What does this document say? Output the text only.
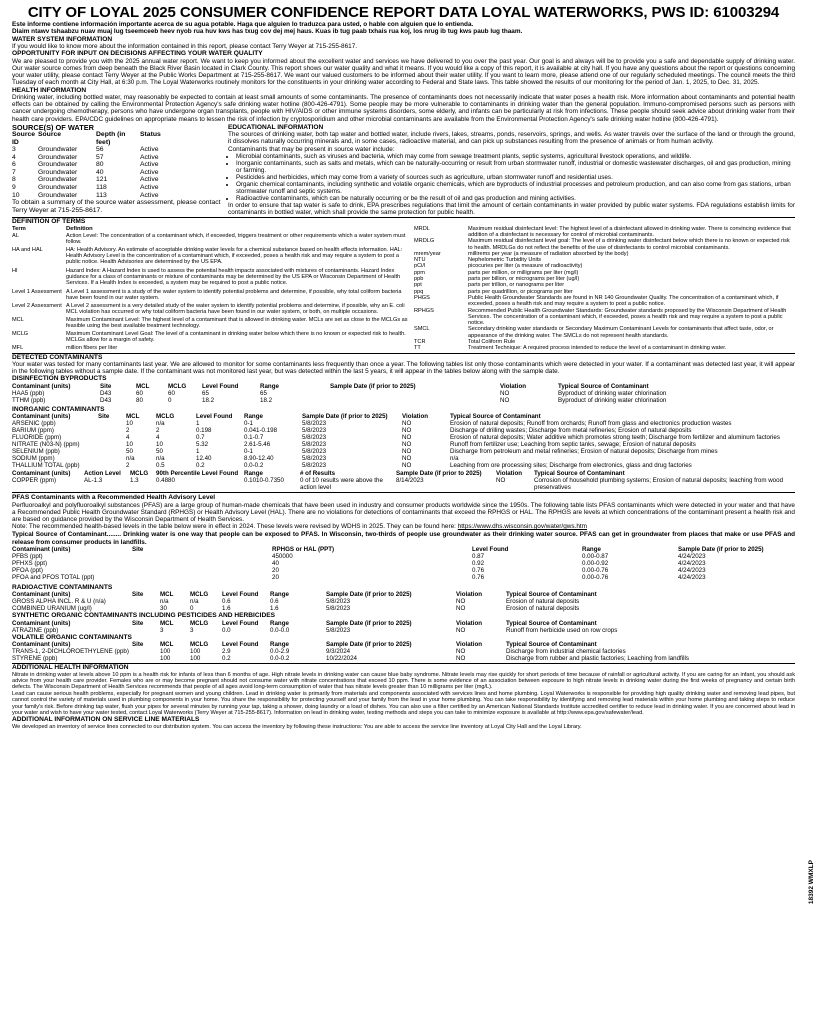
CITY OF LOYAL 2025 CONSUMER CONFIDENCE REPORT DATA LOYAL WATERWORKS, PWS ID: 61003294
Este informe contiene información importante acerca de su agua potable. Haga que alguien lo traduzca para usted, o hable con alguien que lo entienda.
Dlaim ntawv tshaabzu nuav muaj lug tseemceeb heev nyob rua huv kws has txug cov dej mej haus. Kuas ib tug paab txhais rua koj, los nrug ib tug kws paub lug thaam.
WATER SYSTEM INFORMATION
If you would like to know more about the information contained in this report, please contact Terry Weyer at 715-255-8617.
OPPORTUNITY FOR INPUT ON DECISIONS AFFECTING YOUR WATER QUALITY
We are pleased to provide you with the 2025 annual water report. We want to keep you informed about the excellent water and services we have delivered to you over the past year. Our goal is and always will be to provide you a safe and dependable supply of drinking water. Our water source comes from deep beneath the Black River Basin located in Clark County. This report shows our water quality and what it means. If you would like a copy of this report, it is available at city hall. If you have any questions about the report or questions concerning your water utility, please contact Terry Weyer at the Public Works Department at 715-255-8617. We want our valued customers to be informed about their water utility. If you want to learn more, please attend one of our regularly scheduled meetings. The council meets the third Tuesday of each month at City Hall, at 6:30 p.m. The Loyal Waterworks routinely monitors for the constituents in your drinking water according to Federal and State laws. This table showed the results of our monitoring for the period of Jan. 1, 2025, to Dec. 31, 2025.
HEALTH INFORMATION
Drinking water, including bottled water, may reasonably be expected to contain at least small amounts of some contaminants. The presence of contaminants does not necessarily indicate that water poses a health risk. More information about contaminants and potential health effects can be obtained by calling the Environmental Protection Agency's safe drinking water hotline (800-426-4791). Some people may be more vulnerable to contaminants in drinking water than the general population. Immuno-compromised persons such as persons with cancer undergoing chemotherapy, persons who have undergone organ transplants, people with HIV/AIDS or other immune systems disorders, some elderly, and infants can be particularly at risk from infections. These people should seek advice about drinking water from their health care providers. EPA/CDC guidelines on appropriate means to lessen the risk of infection by cryptosporidium and other microbial contaminants are available from the Environmental Protection Agency's safe drinking water hotline (800-426-4791).
SOURCE(S) OF WATER
Source ID	Source	Depth (in feet)	Status
3	Groundwater	56	Active
4	Groundwater	57	Active
6	Groundwater	80	Active
7	Groundwater	40	Active
8	Groundwater	121	Active
9	Groundwater	118	Active
10	Groundwater	113	Active
To obtain a summary of the source water assessment, please contact Terry Weyer at 715-255-8617.
EDUCATIONAL INFORMATION
The sources of drinking water, both tap water and bottled water, include rivers, lakes, streams, ponds, reservoirs, springs, and wells. As water travels over the surface of the land or through the ground, it dissolves naturally occurring minerals and, in some cases, radioactive material, and can pick up substances resulting from the presence of animals or from human activity.
Contaminants that may be present in source water include:
• Microbial contaminants, such as viruses and bacteria, which may come from sewage treatment plants, septic systems, agricultural livestock operations, and wildlife.
• Inorganic contaminants, such as salts and metals, which can be naturally-occurring or result from urban stormwater runoff, industrial or domestic wastewater discharges, oil and gas production, mining or farming.
• Pesticides and herbicides, which may come from a variety of sources such as agriculture, urban stormwater runoff and residential uses.
• Organic chemical contaminants, including synthetic and volatile organic chemicals, which are byproducts of industrial processes and petroleum production, and can also come from gas stations, urban stormwater runoff and septic systems.
• Radioactive contaminants, which can be naturally occurring or be the result of oil and gas production and mining activities.
In order to ensure that tap water is safe to drink, EPA prescribes regulations that limit the amount of certain contaminants in water provided by public water systems. FDA regulations establish limits for contaminants in bottled water, which shall provide the same protection for public health.
DEFINITION OF TERMS
Term	Definition
AL	Action Level: The concentration of a contaminant which, if exceeded, triggers treatment or other requirements which a water system must follow.
HA and HAL	HA: Health Advisory. An estimate of acceptable drinking water levels for a chemical substance based on health effects information. HAL: Health Advisory Level is the concentration of a contaminant which, if exceeded, poses a health risk and may require a system to post a public notice. Health Advisories are determined by the US EPA.
HI	Hazard Index: A Hazard Index is used to assess the potential health impacts associated with mixtures of contaminants. Hazard Index guidance for a class of contaminants or mixture of contaminants may be determined by the US EPA or Wisconsin Department of Health Services. If a Health Index is exceeded, a system may be required to post a public notice.
Level 1 Assessment	A Level 1 assessment is a study of the water system to identify potential problems and determine, if possible, why total coliform bacteria have been found in our water system.
Level 2 Assessment	A Level 2 assessment is a very detailed study of the water system to identify potential problems and determine, if possible, why an E. coli MCL violation has occurred or why total coliform bacteria have been found in our water system, or both, on multiple occasions.
MCL	Maximum Contaminant Level: The highest level of a contaminant that is allowed in drinking water. MCLs are set as close to the MCLGs as feasible using the best available treatment technology.
MCLG	Maximum Contaminant Level Goal: The level of a contaminant in drinking water below which there is no known or expected risk to health. MCLGs allow for a margin of safety.
MFL	million fibers per liter
MRDL	Maximum residual disinfectant level: The highest level of a disinfectant allowed in drinking water. There is convincing evidence that addition of a disinfectant is necessary for control of microbial contaminants.
MRDLG	Maximum residual disinfectant level goal: The level of a drinking water disinfectant below which there is no known or expected risk to health. MRDLGs do not reflect the benefits of the use of disinfectants to control microbial contaminants.
mrem/year	millirems per year (a measure of radiation absorbed by the body)
NTU	Nephelometric Turbidity Units
pCi/l	picocuries per liter (a measure of radioactivity)
ppm	parts per million, or milligrams per liter (mg/l)
ppb	parts per billion, or micrograms per liter (ug/l)
ppt	parts per trillion, or nanograms per liter
ppq	parts per quadrillion, or picograms per liter
PHGS	Public Health Groundwater Standards are found in NR 140 Groundwater Quality. The concentration of a contaminant which, if exceeded, poses a health risk and may require a system to post a public notice.
RPHGS	Recommended Public Health Groundwater Standards: Groundwater standards proposed by the Wisconsin Department of Health Services. The concentration of a contaminant which, if exceeded, poses a health risk and may require a system to post a public notice.
SMCL	Secondary drinking water standards or Secondary Maximum Contaminant Levels for contaminants that affect taste, odor, or appearance of the drinking water. The SMCLs do not represent health standards.
TCR	Total Coliform Rule
TT	Treatment Technique: A required process intended to reduce the level of a contaminant in drinking water.
DETECTED CONTAMINANTS
Your water was tested for many contaminants last year. We are allowed to monitor for some contaminants less frequently than once a year. The following tables list only those contaminants which were detected in your water. If a contaminant was detected last year, it will appear in the following tables without a sample date. If the contaminant was not monitored last year, but was detected within the last 5 years, it will appear in the tables below along with the sample date.
DISINFECTION BYPRODUCTS
Contaminant (units)	Site	MCL	MCLG	Level Found	Range	Sample Date (if prior to 2025)	Violation	Typical Source of Contaminant
HAA5 (ppb)	D43	60	60	65	65		NO	Byproduct of drinking water chlorination
TTHM (ppb)	D43	80	0	18.2	18.2		NO	Byproduct of drinking water chlorination
INORGANIC CONTAMINANTS
Contaminant (units)	Site	MCL	MCLG	Level Found	Range	Sample Date (if prior to 2025)	Violation	Typical Source of Contaminant
ARSENIC (ppb)		10	n/a	1	0-1	5/8/2023	NO	Erosion of natural deposits; Runoff from orchards; Runoff from glass and electronics production wastes
BARIUM (ppm)		2	2	0.198	0.041-0.198	5/8/2023	NO	Discharge of drilling wastes; Discharge from metal refineries; Erosion of natural deposits
FLUORIDE (ppm)		4	4	0.7	0.1-0.7	5/8/2023	NO	Erosion of natural deposits; Water additive which promotes strong teeth; Discharge from fertilizer and aluminum factories
NITRATE (N03-N) (ppm)		10	10	5.32	2.61-5.46	5/8/2023	NO	Runoff from fertilizer use; Leaching from septic tanks, sewage; Erosion of natural deposits
SELENIUM (ppb)		50	50	1	0-1	5/8/2023	NO	Discharge from petroleum and metal refineries; Erosion of natural deposits; Discharge from mines
SODIUM (ppm)		n/a	n/a	12.40	8.90-12.40	5/8/2023	NO	n/a
THALLIUM TOTAL (ppb)		2	0.5	0.2	0.0-0.2	5/8/2023	NO	Leaching from ore processing sites; Discharge from electronics, glass and drug factories
Contaminant (units)	Action Level	MCLG	90th Percentile Level Found	Range	# of Results	Sample Date (if prior to 2025)	Violation	Typical Source of Contaminant
COPPER (ppm)	AL-1.3	1.3	0.4880	0.1010-0.7350	0 of 10 results were above the action level	8/14/2023	NO	Corrosion of household plumbing systems; Erosion of natural deposits; leaching from wood preservatives
PFAS Contaminants with a Recommended Health Advisory Level
Perfluoroalkyl and polyfluoroalkyl substances (PFAS) are a large group of human-made chemicals that have been used in industry and consumer products worldwide since the 1950s. The following table lists PFAS contaminants which were detected in your water and that have a Recommended Public Health Groundwater Standard (RPHGS) or Health Advisory Level (HAL). There are no violations for detections of contaminants that exceed the RPHGS or HAL. The RPHGS are levels at which concentrations of the contaminant present a health risk and are based on guidance provided by the Wisconsin Department of Health Services.
Note: The recommended health-based levels in the table below were in effect in 2024. These levels were revised by WDHS in 2025. They can be found here: https://www.dhs.wisconsin.gov/water/gws.htm
Typical Source of Contaminant........ Drinking water is one way that people can be exposed to PFAS. In Wisconsin, two-thirds of people use groundwater as their drinking water source. PFAS can get in groundwater from places that make or use PFAS and release from consumer products in landfills.
Contaminant (units)	Site	RPHGS or HAL (PPT)	Level Found	Range	Sample Date (if prior to 2025)
PFBS (ppt)		450000	0.87	0.00-0.87	4/24/2023
PFHXS (ppt)		40	0.92	0.00-0.92	4/24/2023
PFOA (ppt)		20	0.76	0.00-0.76	4/24/2023
PFOA and PFOS TOTAL (ppt)		20	0.76	0.00-0.76	4/24/2023
RADIOACTIVE CONTAMINANTS
Contaminant (units)	Site	MCL	MCLG	Level Found	Range	Sample Date (if prior to 2025)	Violation	Typical Source of Contaminant
GROSS ALPHA INCL. R & U (n/a)		n/a	n/a	0.6	0.6	5/8/2023	NO	Erosion of natural deposits
COMBINED URANIUM (ug/l)		30	0	1.6	1.6	5/8/2023	NO	Erosion of natural deposits
SYNTHETIC ORGANIC CONTAMINANTS INCLUDING PESTICIDES AND HERBICIDES
Contaminant (units)	Site	MCL	MCLG	Level Found	Range	Sample Date (if prior to 2025)	Violation	Typical Source of Contaminant
ATRAZINE (ppb)		3	3	0.0	0.0-0.0	5/8/2023	NO	Runoff from herbicide used on row crops
VOLATILE ORGANIC CONTAMINANTS
Contaminant (units)	Site	MCL	MCLG	Level Found	Range	Sample Date (if prior to 2025)	Violation	Typical Source of Contaminant
TRANS-1, 2-DICHLOROETHYLENE (ppb)		100	100	2.9	0.0-2.9	9/3/2024	NO	Discharge from industrial chemical factories
STYRENE (ppb)		100	100	0.2	0.0-0.2	10/22/2024	NO	Discharge from rubber and plastic factories; Leaching from landfills
ADDITIONAL HEALTH INFORMATION
Nitrate in drinking water at levels above 10 ppm is a health risk for infants of less than 6 months of age. High nitrate levels in drinking water can cause blue baby syndrome. Nitrate levels may rise quickly for short periods of time because of rainfall or agricultural activity. If you are caring for an infant, you should ask advice from your health care provider. Females who are or may become pregnant should not consume water with nitrate concentrations that exceed 10 ppm. There is some evidence of an association between exposure to high nitrate levels in drinking water during the first weeks of pregnancy and certain birth defects. The Wisconsin Department of Health Services recommends that people of all ages avoid long-term consumption of water that has nitrate levels greater than 10 milligrams per liter (mg/L).
Lead can cause serious health problems, especially for pregnant women and young children. Lead in drinking water is primarily from materials and components associated with services lines and home plumbing. Loyal Waterworks is responsible for providing high quality drinking water and removing lead pipes, but cannot control the variety of materials used in plumbing components in your home. You share the responsibility for protecting yourself and your family from the lead in your home plumbing. You can take responsibility by identifying and removing lead materials within your home plumbing and taking steps to reduce your family's risk. Before drinking tap water, flush your pipes for several minutes by running your tap, taking a shower, doing laundry or a load of dishes. You can also use a filter certified by an American National Standards Institute accredited certifier to reduce lead in drinking water. If you are concerned about lead in your water and wish to have your water tested, contact Loyal Waterworks (Terry Weyer at 715-255-8617). Information on lead in drinking water, testing methods and steps you can take to minimize exposure is available at http://www.epa.gov/safewater/lead.
ADDITIONAL INFORMATION ON SERVICE LINE MATERIALS
We developed an inventory of service lines connected to our distribution system. You can access the inventory by following these instructions: You are able to access the service line inventory at Loyal City Hall and the Loyal Library.
18392 WMXLP
